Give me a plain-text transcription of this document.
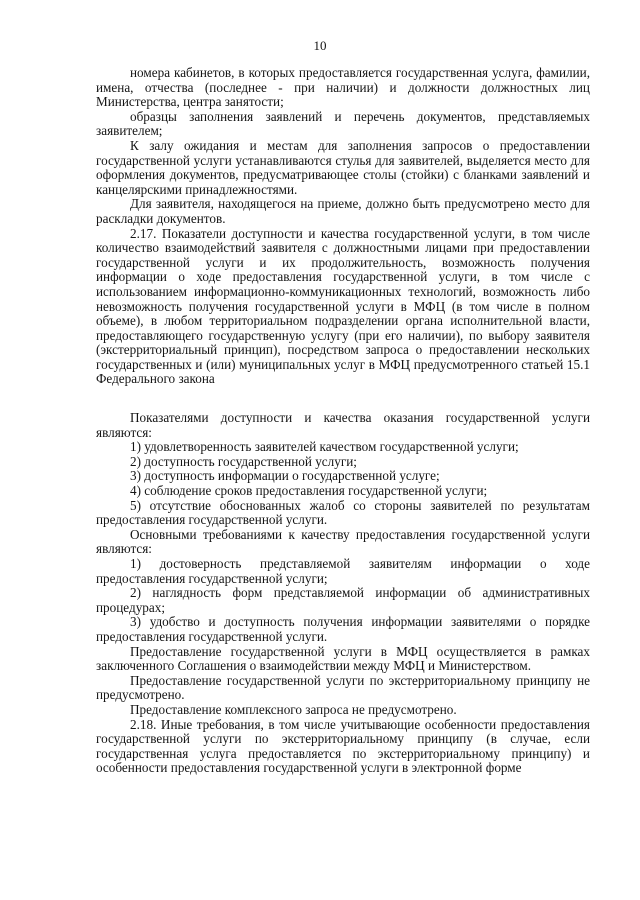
10

номера кабинетов, в которых предоставляется государственная услуга, фамилии, имена, отчества (последнее - при наличии) и должности должностных лиц Министерства, центра занятости;

образцы заполнения заявлений и перечень документов, представляемых заявителем;

К залу ожидания и местам для заполнения запросов о предоставлении государственной услуги устанавливаются стулья для заявителей, выделяется место для оформления документов, предусматривающее столы (стойки) с бланками заявлений и канцелярскими принадлежностями.

Для заявителя, находящегося на приеме, должно быть предусмотрено место для раскладки документов.

2.17. Показатели доступности и качества государственной услуги, в том числе количество взаимодействий заявителя с должностными лицами при предоставлении государственной услуги и их продолжительность, возможность получения информации о ходе предоставления государственной услуги, в том числе с использованием информационно-коммуникационных технологий, возможность либо невозможность получения государственной услуги в МФЦ (в том числе в полном объеме), в любом территориальном подразделении органа исполнительной власти, предоставляющего государственную услугу (при его наличии), по выбору заявителя (экстерриториальный принцип), посредством запроса о предоставлении нескольких государственных и (или) муниципальных услуг в МФЦ предусмотренного статьей 15.1 Федерального закона

Показателями доступности и качества оказания государственной услуги являются:

1) удовлетворенность заявителей качеством государственной услуги;

2) доступность государственной услуги;

3) доступность информации о государственной услуге;

4) соблюдение сроков предоставления государственной услуги;

5) отсутствие обоснованных жалоб со стороны заявителей по результатам предоставления государственной услуги.

Основными требованиями к качеству предоставления государственной услуги являются:

1) достоверность представляемой заявителям информации о ходе предоставления государственной услуги;

2) наглядность форм представляемой информации об административных процедурах;

3) удобство и доступность получения информации заявителями о порядке предоставления государственной услуги.

Предоставление государственной услуги в МФЦ осуществляется в рамках заключенного Соглашения о взаимодействии между МФЦ и Министерством.

Предоставление государственной услуги по экстерриториальному принципу не предусмотрено.

Предоставление комплексного запроса не предусмотрено.

2.18. Иные требования, в том числе учитывающие особенности предоставления государственной услуги по экстерриториальному принципу (в случае, если государственная услуга предоставляется по экстерриториальному принципу) и особенности предоставления государственной услуги в электронной форме
